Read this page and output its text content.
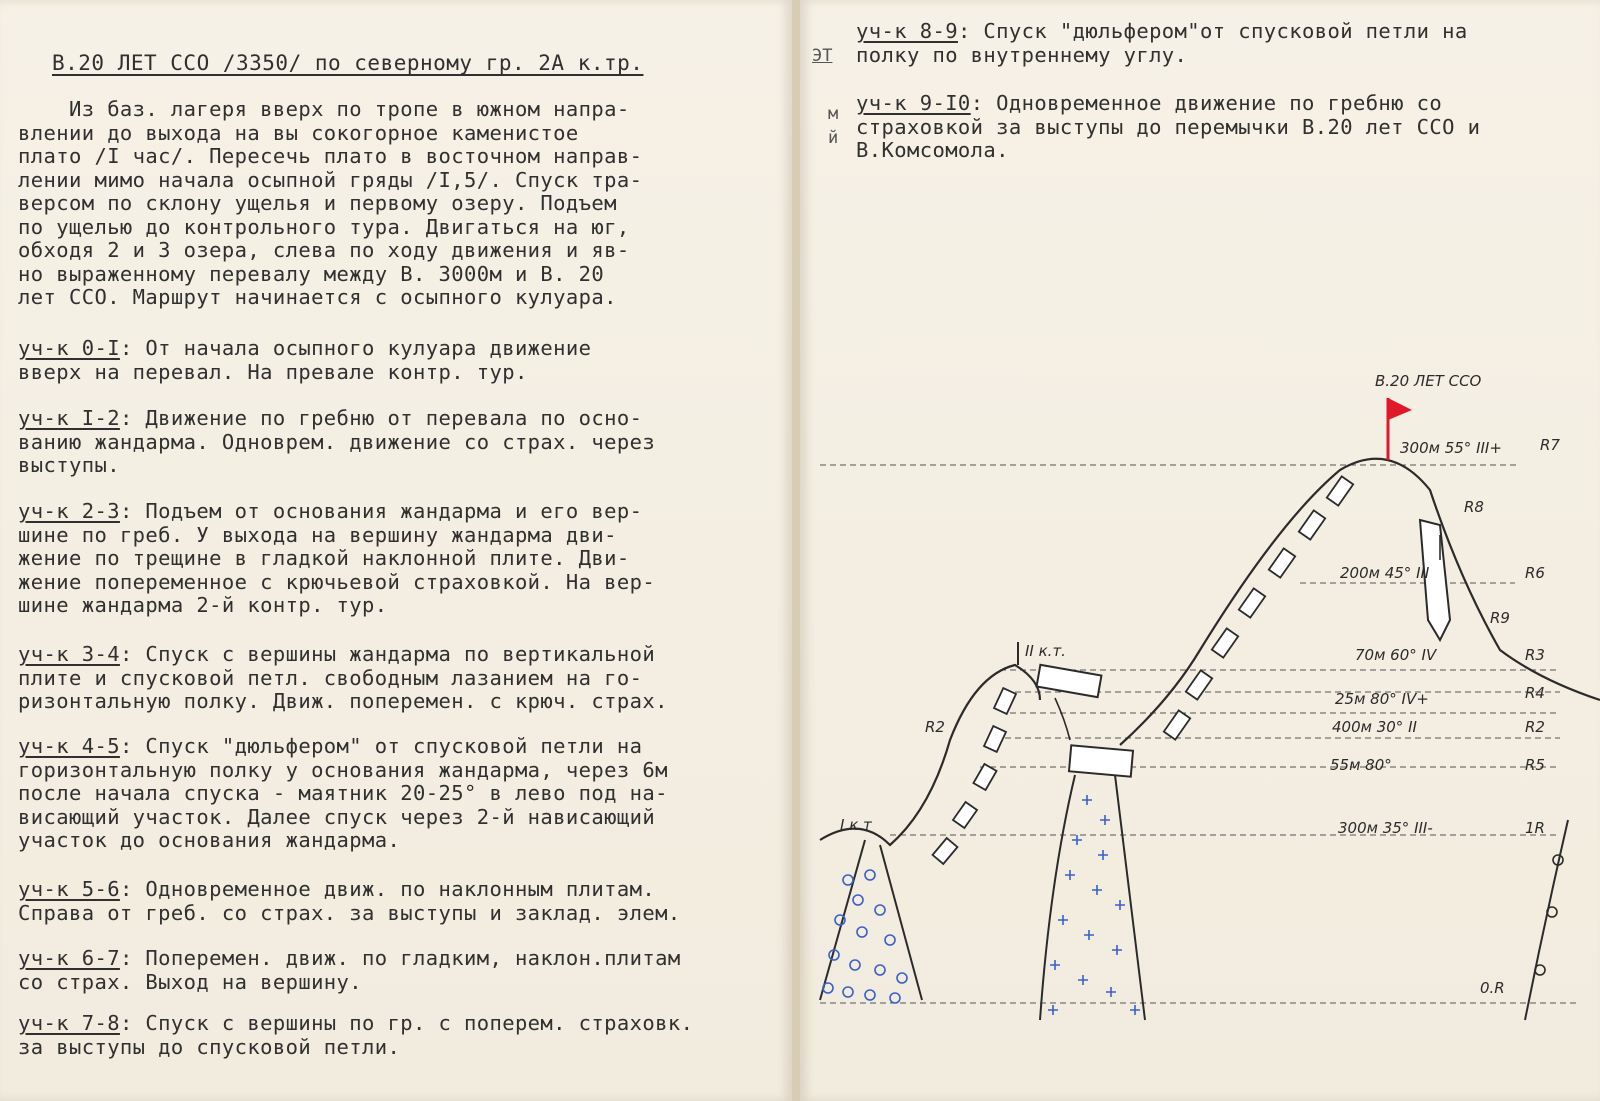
В.20 ЛЕТ ССО /3350/ по северному гр. 2А к.тр.
Из баз. лагеря вверх по тропе в южном напра-
влении до выхода на вы сокогорное каменистое
плато /I час/. Пересечь плато в восточном направ-
лении мимо начала осыпной гряды /I,5/. Спуск тра-
версом по склону ущелья и первому озеру. Подъем
по ущелью до контрольного тура. Двигаться на юг,
обходя 2 и 3 озера, слева по ходу движения и яв-
но выраженному перевалу между В. 3000м и В. 20
лет ССО. Маршрут начинается с осыпного кулуара.

уч-к 0-I: От начала осыпного кулуара движение
вверх на перевал. На превале контр. тур.

уч-к I-2: Движение по гребню от перевала по осно-
ванию жандарма. Одноврем. движение со страх. через
выступы.

уч-к 2-3: Подъем от основания жандарма и его вер-
шине по греб. У выхода на вершину жандарма дви-
жение по трещине в гладкой наклонной плите. Дви-
жение попеременное с крючьевой страховкой. На вер-
шине жандарма 2-й контр. тур.

уч-к 3-4: Спуск с вершины жандарма по вертикальной
плите и спусковой петл. свободным лазанием на го-
ризонтальную полку. Движ. поперемен. с крюч. страх.

уч-к 4-5: Спуск "дюльфером" от спусковой петли на
горизонтальную полку у основания жандарма, через 6м
после начала спуска - маятник 20-25° в лево под на-
висающий участок. Далее спуск через 2-й нависающий
участок до основания жандарма.

уч-к 5-6: Одновременное движ. по наклонным плитам.
Справа от греб. со страх. за выступы и заклад. элем.

уч-к 6-7: Поперемен. движ. по гладким, наклон.плитам
со страх. Выход на вершину.

уч-к 7-8: Спуск с вершины по гр. с поперем. страховк.
за выступы до спусковой петли.

ЭТ
м
й

уч-к 8-9: Спуск "дюльфером"от спусковой петли на
полку по внутреннему углу.

уч-к 9-I0: Одновременное движение по гребню со
страховкой за выступы до перемычки В.20 лет ССО и
В.Комсомола.

В.20 ЛЕТ ССО
I к.т
II к.т.
R2
R8
R9
300м 55° III+	R7
200м 45° III	R6
70м 60° IV	R3
25м 80° IV+	R4
400м 30° II	R2
55м 80°	R5
300м 35° III-	1R
0.R
